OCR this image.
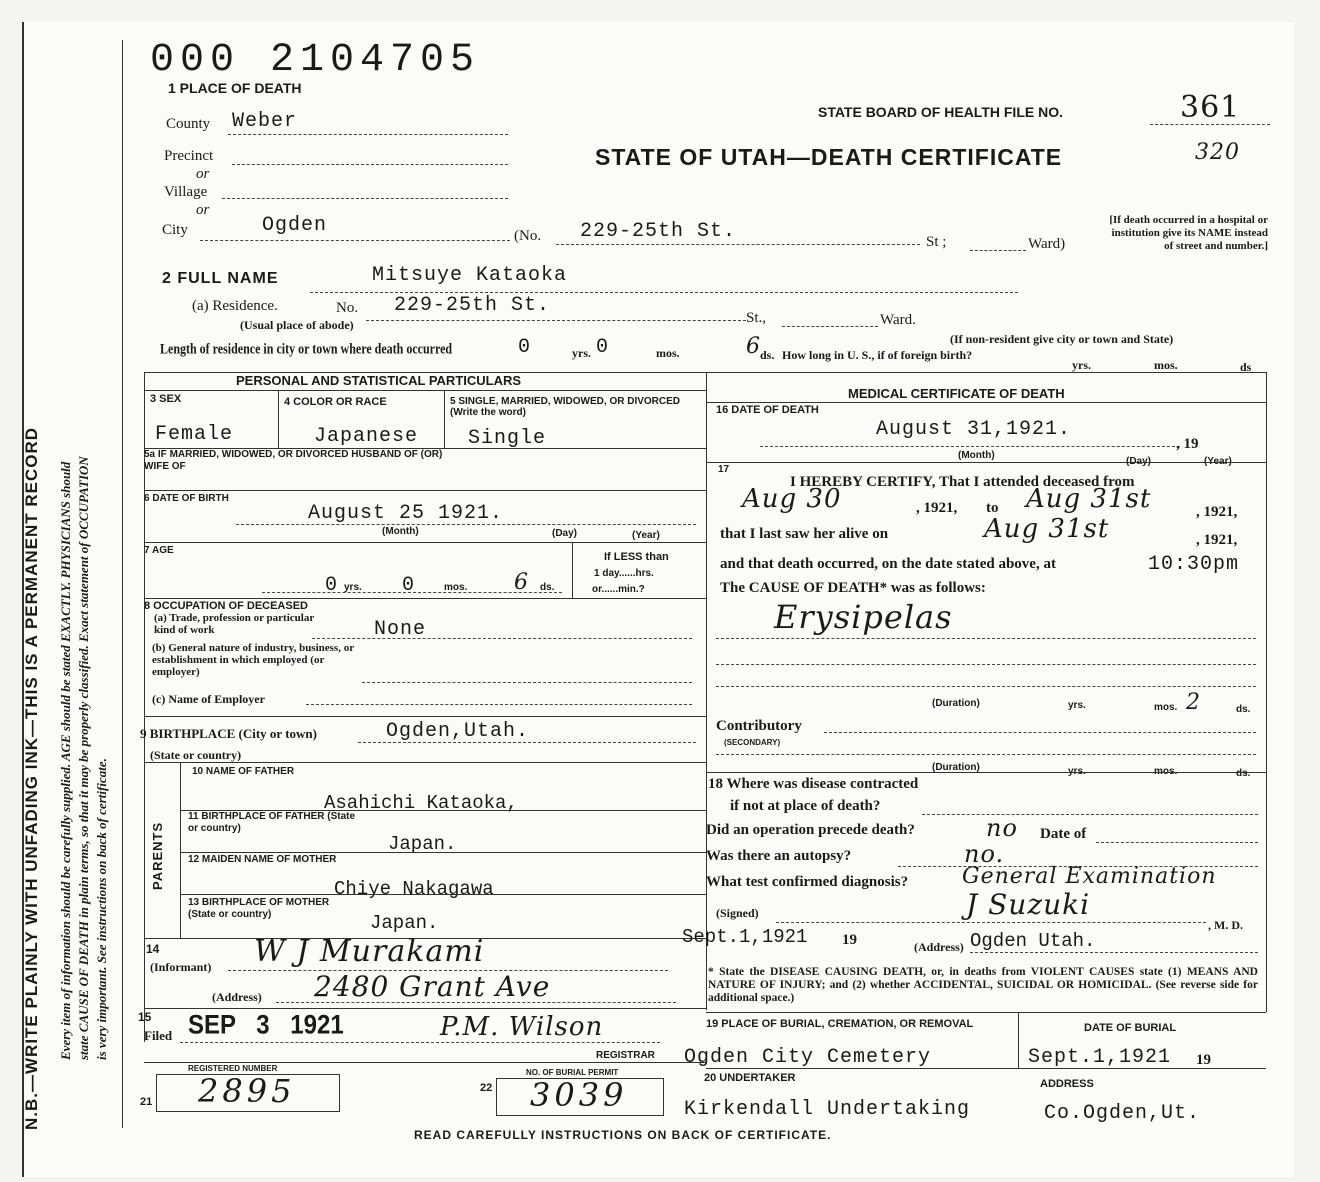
N.B.—WRITE PLAINLY WITH UNFADING INK—THIS IS A PERMANENT RECORD Every item of information should be carefully supplied. AGE should be stated EXACTLY. PHYSICIANS should state CAUSE OF DEATH in plain terms, so that it may be properly classified. Exact statement of OCCUPATION is very important. See instructions on back of certificate.
000 2104705
1 PLACE OF DEATH
STATE BOARD OF HEALTH FILE NO.	361
320
STATE OF UTAH—DEATH CERTIFICATE
[If death occurred in a hospital or institution give its NAME instead of street and number.]
County Weber
Precinct
or
Village
or
City	Ogden	(No. 229-25th St.	St ;	Ward)
2 FULL NAME	Mitsuye Kataoka
(a) Residence.	No. 229-25th St.
St.,	Ward.
(Usual place of abode)
(If non-resident give city or town and State)
Length of residence in city or town where death occurred	0	yrs. 0	mos.	6 ds. How long in U. S., if of foreign birth?
yrs.	mos.	ds
PERSONAL AND STATISTICAL PARTICULARS
3 SEX	4 COLOR OR RACE	5 SINGLE, MARRIED, WIDOWED, OR DIVORCED (Write the word)
Female	Japanese Single
5a IF MARRIED, WIDOWED, OR DIVORCED HUSBAND OF (OR) WIFE OF
6 DATE OF BIRTH
August 25 1921.
(Month)	(Day)	(Year)
7 AGE
0 yrs. 0	mos. 6 ds.
If LESS than
1 day......hrs.
or......min.?
8 OCCUPATION OF DECEASED
(a) Trade, profession or particular kind of work	None
(b) General nature of industry, business, or establishment in which employed (or employer)
(c) Name of Employer
9 BIRTHPLACE (City or town)	Ogden,Utah.
(State or country)
PARENTS
10 NAME OF FATHER
Asahichi Kataoka,
11 BIRTHPLACE OF FATHER (State or country)
Japan.
12 MAIDEN NAME OF MOTHER
Chiye Nakagawa
13 BIRTHPLACE OF MOTHER (State or country)	Japan.
14
(Informant) W J Murakami
(Address) 2480 Grant Ave
15
Filed SEP 3 1921	P.M. Wilson
REGISTRAR
REGISTERED NUMBER
21 2895	NO. OF BURIAL PERMIT
22 3039
MEDICAL CERTIFICATE OF DEATH
16 DATE OF DEATH
August 31,1921.
, 19
(Month)
(Day)	(Year)
17
I HEREBY CERTIFY, That I attended deceased from
Aug 30	, 1921, to Aug 31st	, 1921,
that I last saw her alive on	Aug 31st	, 1921,
and that death occurred, on the date stated above, at	10:30pm
The CAUSE OF DEATH* was as follows:
Erysipelas
(Duration)	yrs.	2
mos.	ds.
Contributory
(SECONDARY)
(Duration)	yrs.	mos.	ds.
18 Where was disease contracted
if not at place of death?
Did an operation precede death?	no Date of
Was there an autopsy?	no.
What test confirmed diagnosis? General Examination
(Signed)	J Suzuki
, M. D.
Sept.1,1921 19	(Address) Ogden Utah.
* State the DISEASE CAUSING DEATH, or, in deaths from VIOLENT CAUSES state (1) MEANS AND NATURE OF INJURY; and (2) whether ACCIDENTAL, SUICIDAL OR HOMICIDAL. (See reverse side for additional space.)
19 PLACE OF BURIAL, CREMATION, OR REMOVAL
Ogden City Cemetery
DATE OF BURIAL
Sept.1,1921 19
20 UNDERTAKER
Kirkendall Undertaking
ADDRESS
Co.Ogden,Ut.
READ CAREFULLY INSTRUCTIONS ON BACK OF CERTIFICATE.
